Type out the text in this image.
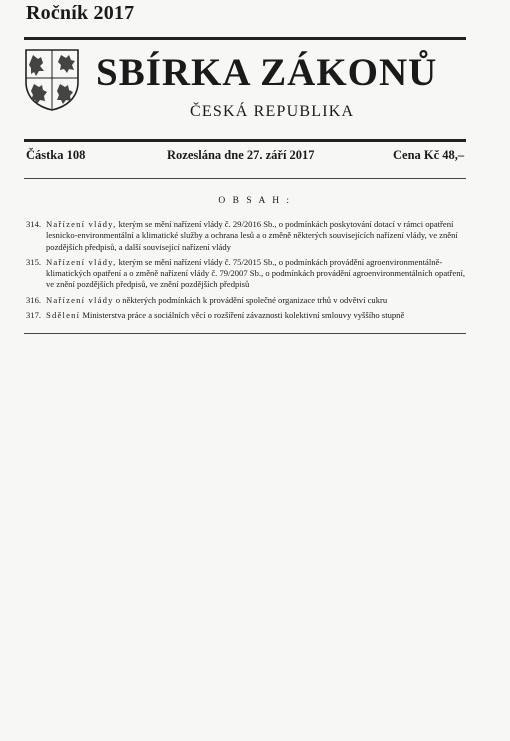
Ročník 2017
SBÍRKA ZÁKONŮ
ČESKÁ REPUBLIKA
Částka 108	Rozeslána dne 27. září 2017	Cena Kč 48,–
O B S A H :
314. Nařízení vlády, kterým se mění nařízení vlády č. 29/2016 Sb., o podmínkách poskytování dotací v rámci opatření lesnicko-environmentální a klimatické služby a ochrana lesů a o změně některých souvisejících nařízení vlády, ve znění pozdějších předpisů, a další související nařízení vlády
315. Nařízení vlády, kterým se mění nařízení vlády č. 75/2015 Sb., o podmínkách provádění agroenvironmentálně-klimatických opatření a o změně nařízení vlády č. 79/2007 Sb., o podmínkách provádění agroenvironmentálních opatření, ve znění pozdějších předpisů, ve znění pozdějších předpisů
316. Nařízení vlády o některých podmínkách k provádění společné organizace trhů v odvětví cukru
317. Sdělení Ministerstva práce a sociálních věcí o rozšíření závaznosti kolektivní smlouvy vyššího stupně
